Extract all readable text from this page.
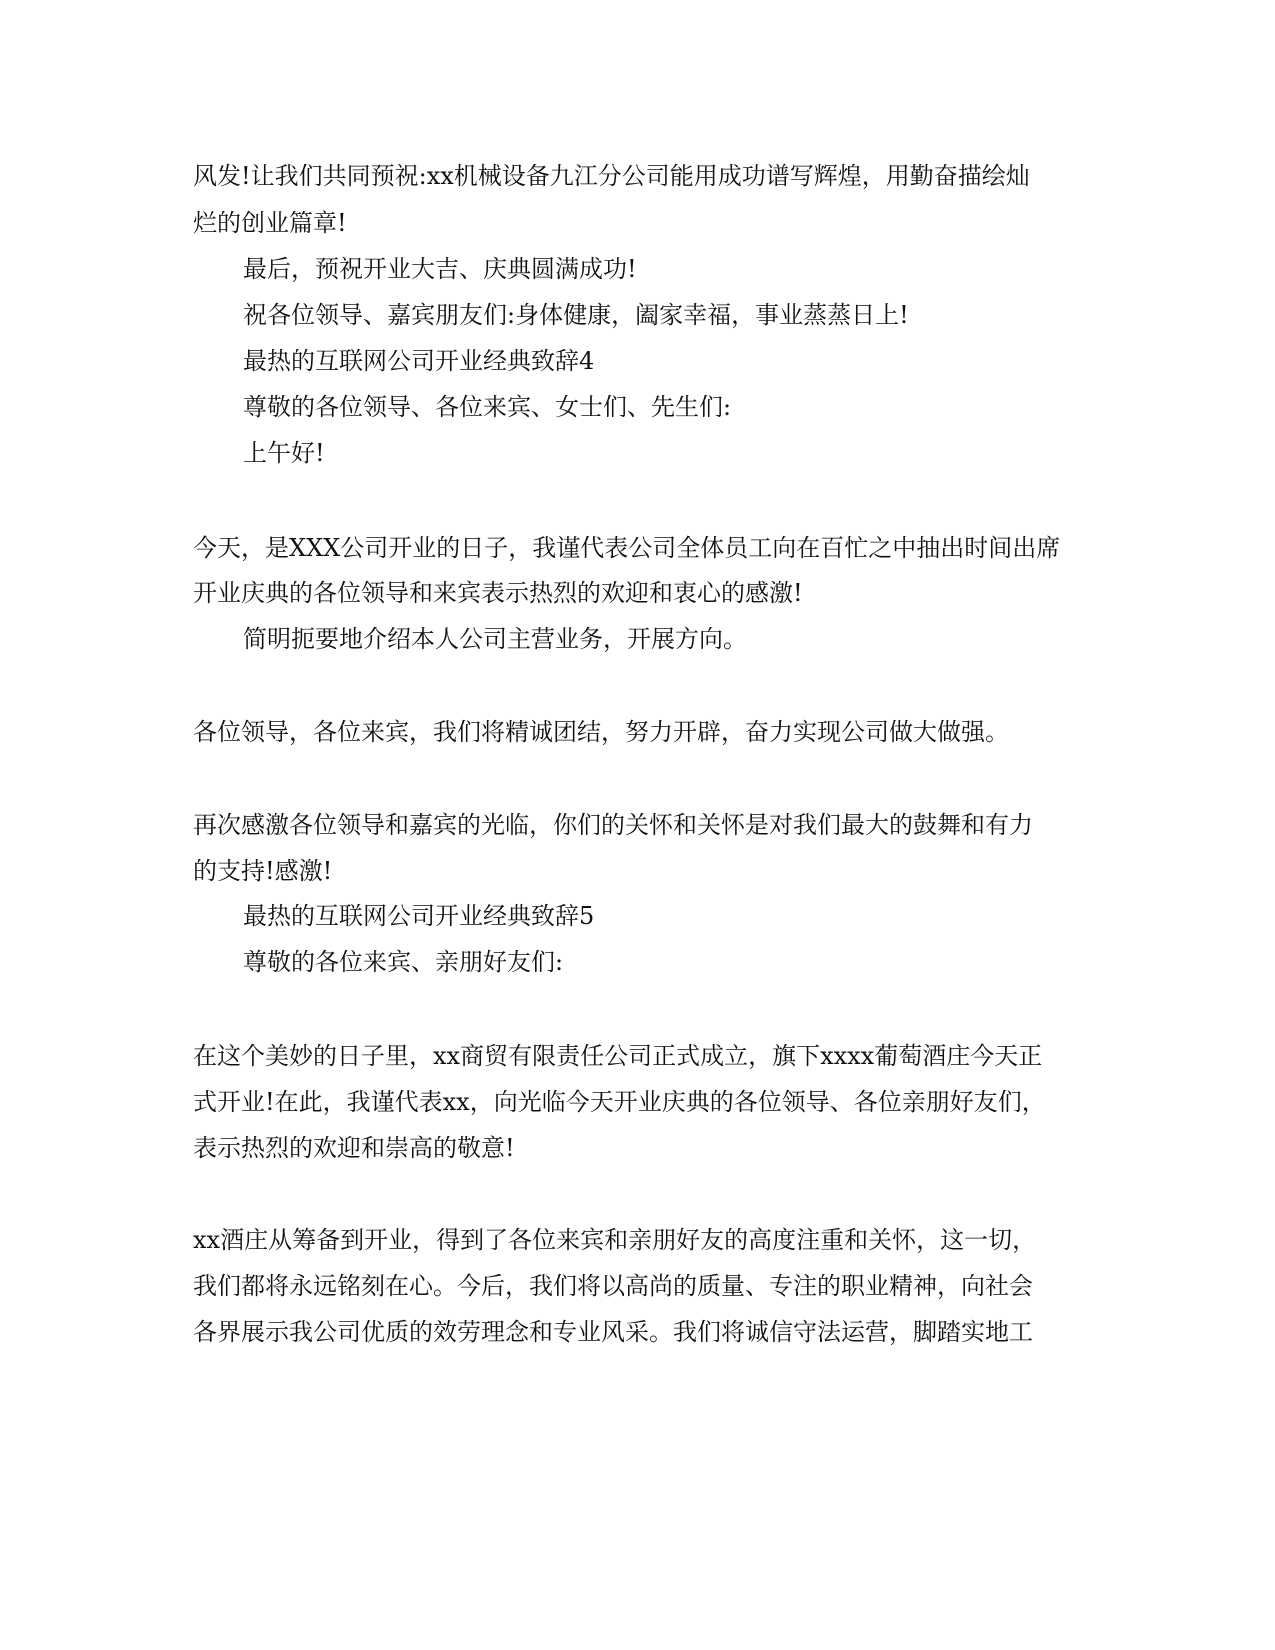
风发!让我们共同预祝:xx机械设备九江分公司能用成功谱写辉煌，用勤奋描绘灿

烂的创业篇章!

最后，预祝开业大吉、庆典圆满成功!

祝各位领导、嘉宾朋友们:身体健康，阖家幸福，事业蒸蒸日上!

最热的互联网公司开业经典致辞4

尊敬的各位领导、各位来宾、女士们、先生们:

上午好!

今天，是XXX公司开业的日子，我谨代表公司全体员工向在百忙之中抽出时间出席

开业庆典的各位领导和来宾表示热烈的欢迎和衷心的感激!

简明扼要地介绍本人公司主营业务，开展方向。

各位领导，各位来宾，我们将精诚团结，努力开辟，奋力实现公司做大做强。

再次感激各位领导和嘉宾的光临，你们的关怀和关怀是对我们最大的鼓舞和有力

的支持!感激!

最热的互联网公司开业经典致辞5

尊敬的各位来宾、亲朋好友们:

在这个美妙的日子里，xx商贸有限责任公司正式成立，旗下xxxx葡萄酒庄今天正

式开业!在此，我谨代表xx，向光临今天开业庆典的各位领导、各位亲朋好友们，

表示热烈的欢迎和崇高的敬意!

xx酒庄从筹备到开业，得到了各位来宾和亲朋好友的高度注重和关怀，这一切，

我们都将永远铭刻在心。今后，我们将以高尚的质量、专注的职业精神，向社会

各界展示我公司优质的效劳理念和专业风采。我们将诚信守法运营，脚踏实地工
